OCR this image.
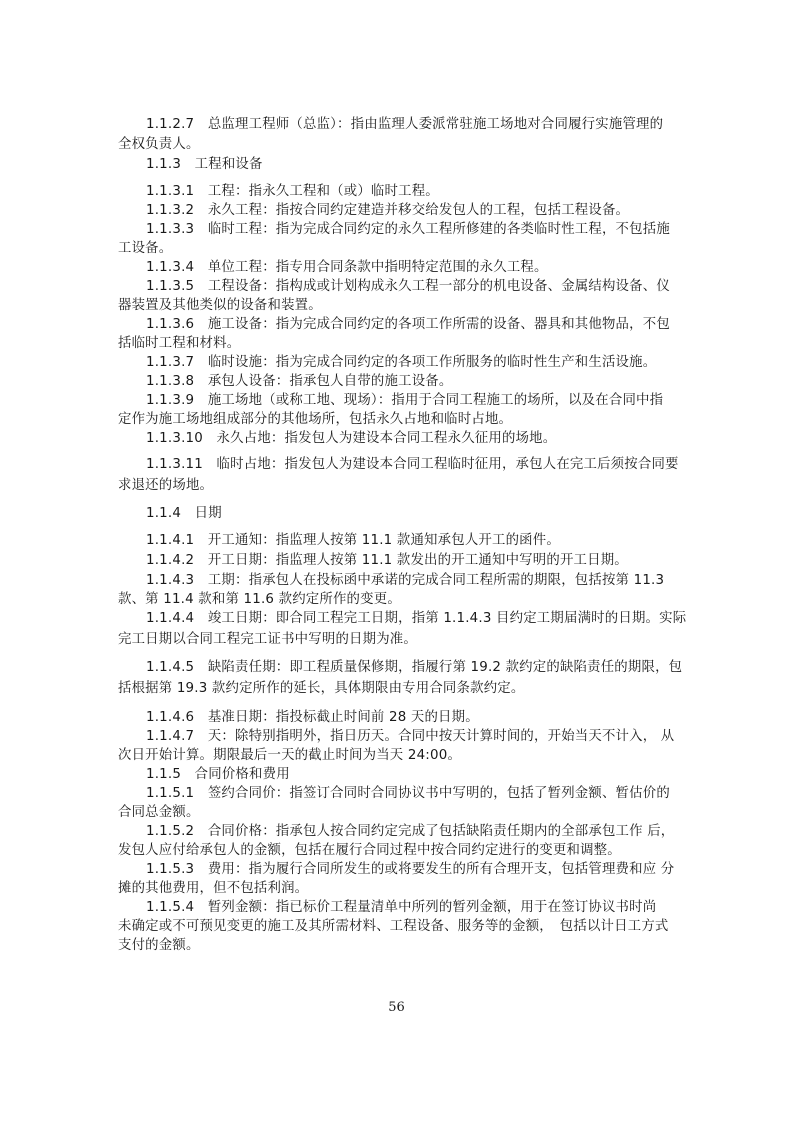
1.1.2.7　总监理工程师（总监）：指由监理人委派常驻施工场地对合同履行实施管理的
全权负责人。
1.1.3　工程和设备
1.1.3.1　工程：指永久工程和（或）临时工程。
1.1.3.2　永久工程：指按合同约定建造并移交给发包人的工程，包括工程设备。
1.1.3.3　临时工程：指为完成合同约定的永久工程所修建的各类临时性工程，不包括施
工设备。
1.1.3.4　单位工程：指专用合同条款中指明特定范围的永久工程。
1.1.3.5　工程设备：指构成或计划构成永久工程一部分的机电设备、金属结构设备、仪
器装置及其他类似的设备和装置。
1.1.3.6　施工设备：指为完成合同约定的各项工作所需的设备、器具和其他物品，不包
括临时工程和材料。
1.1.3.7　临时设施：指为完成合同约定的各项工作所服务的临时性生产和生活设施。
1.1.3.8　承包人设备：指承包人自带的施工设备。
1.1.3.9　施工场地（或称工地、现场）：指用于合同工程施工的场所，以及在合同中指
定作为施工场地组成部分的其他场所，包括永久占地和临时占地。
1.1.3.10　永久占地：指发包人为建设本合同工程永久征用的场地。
1.1.3.11　临时占地：指发包人为建设本合同工程临时征用，承包人在完工后须按合同要
求退还的场地。
1.1.4　日期
1.1.4.1　开工通知：指监理人按第 11.1 款通知承包人开工的函件。
1.1.4.2　开工日期：指监理人按第 11.1 款发出的开工通知中写明的开工日期。
1.1.4.3　工期：指承包人在投标函中承诺的完成合同工程所需的期限，包括按第 11.3
款、第 11.4 款和第 11.6 款约定所作的变更。
1.1.4.4　竣工日期：即合同工程完工日期，指第 1.1.4.3 目约定工期届满时的日期。实际
完工日期以合同工程完工证书中写明的日期为准。
1.1.4.5　缺陷责任期：即工程质量保修期，指履行第 19.2 款约定的缺陷责任的期限，包
括根据第 19.3 款约定所作的延长，具体期限由专用合同条款约定。
1.1.4.6　基准日期：指投标截止时间前 28 天的日期。
1.1.4.7　天：除特别指明外，指日历天。合同中按天计算时间的，开始当天不计入， 从
次日开始计算。期限最后一天的截止时间为当天 24:00。
1.1.5　合同价格和费用
1.1.5.1　签约合同价：指签订合同时合同协议书中写明的，包括了暂列金额、暂估价的
合同总金额。
1.1.5.2　合同价格：指承包人按合同约定完成了包括缺陷责任期内的全部承包工作 后，
发包人应付给承包人的金额，包括在履行合同过程中按合同约定进行的变更和调整。
1.1.5.3　费用：指为履行合同所发生的或将要发生的所有合理开支，包括管理费和应 分
摊的其他费用，但不包括利润。
1.1.5.4　暂列金额：指已标价工程量清单中所列的暂列金额，用于在签订协议书时尚
未确定或不可预见变更的施工及其所需材料、工程设备、服务等的金额，　包括以计日工方式
支付的金额。
56
